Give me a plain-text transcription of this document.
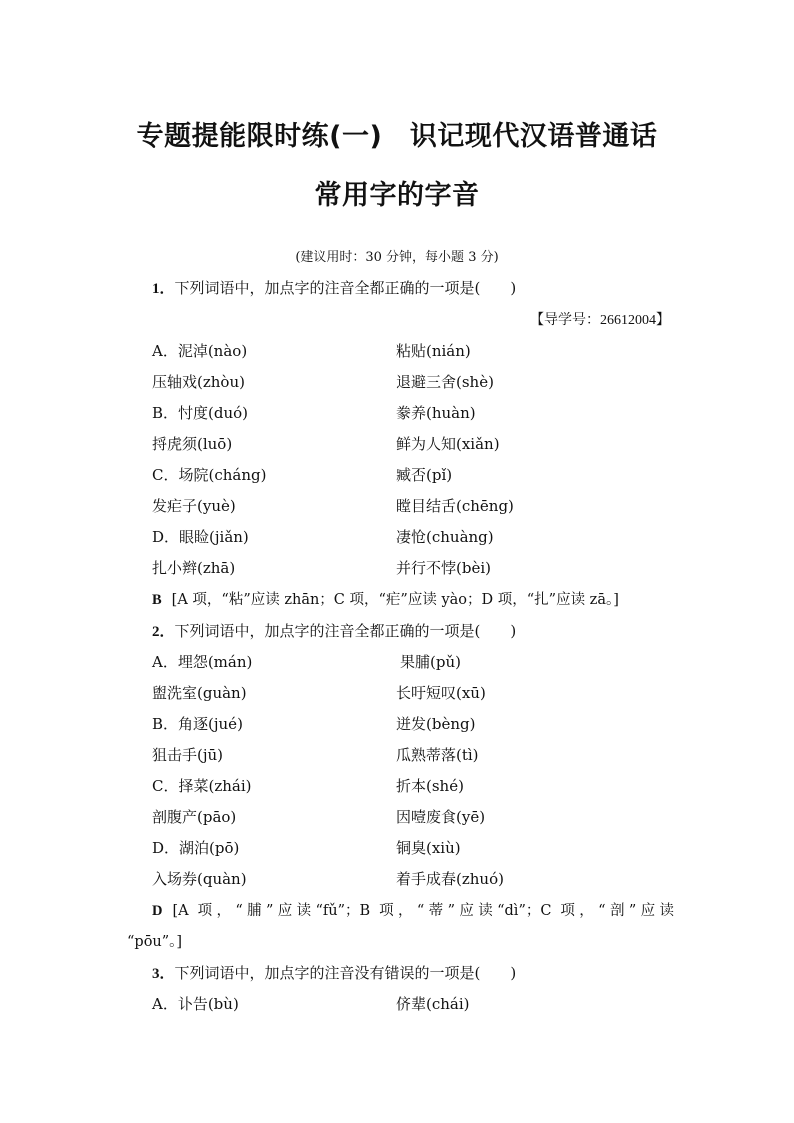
专题提能限时练(一)　识记现代汉语普通话
常用字的字音
(建议用时：30 分钟，每小题 3 分)
1．下列词语中，加点字的注音全都正确的一项是( )
【导学号：26612004】
A．泥淖(nào)	粘贴(nián)
压轴戏(zhòu)	退避三舍(shè)
B．忖度(duó)	豢养(huàn)
捋虎须(luō)	鲜为人知(xiǎn)
C．场院(cháng)	臧否(pǐ)
发疟子(yuè)	瞠目结舌(chēng)
D．眼睑(jiǎn)	凄怆(chuàng)
扎小辫(zhā)	并行不悖(bèi)
B [A 项，“粘”应读 zhān；C 项，“疟”应读 yào；D 项，“扎”应读 zā。]
2．下列词语中，加点字的注音全都正确的一项是( )
A．埋怨(mán)	果脯(pǔ)
盥洗室(guàn)	长吁短叹(xū)
B．角逐(jué)	迸发(bèng)
狙击手(jū)	瓜熟蒂落(tì)
C．择菜(zhái)	折本(shé)
剖腹产(pāo)	因噎废食(yē)
D．湖泊(pō)	铜臭(xiù)
入场券(quàn)	着手成春(zhuó)
D [A 项，“脯”应读“fǔ”；B 项，“蒂”应读“dì”；C 项，“剖”应读
“pōu”。]
3．下列词语中，加点字的注音没有错误的一项是( )
A．讣告(bù)	侪辈(chái)
